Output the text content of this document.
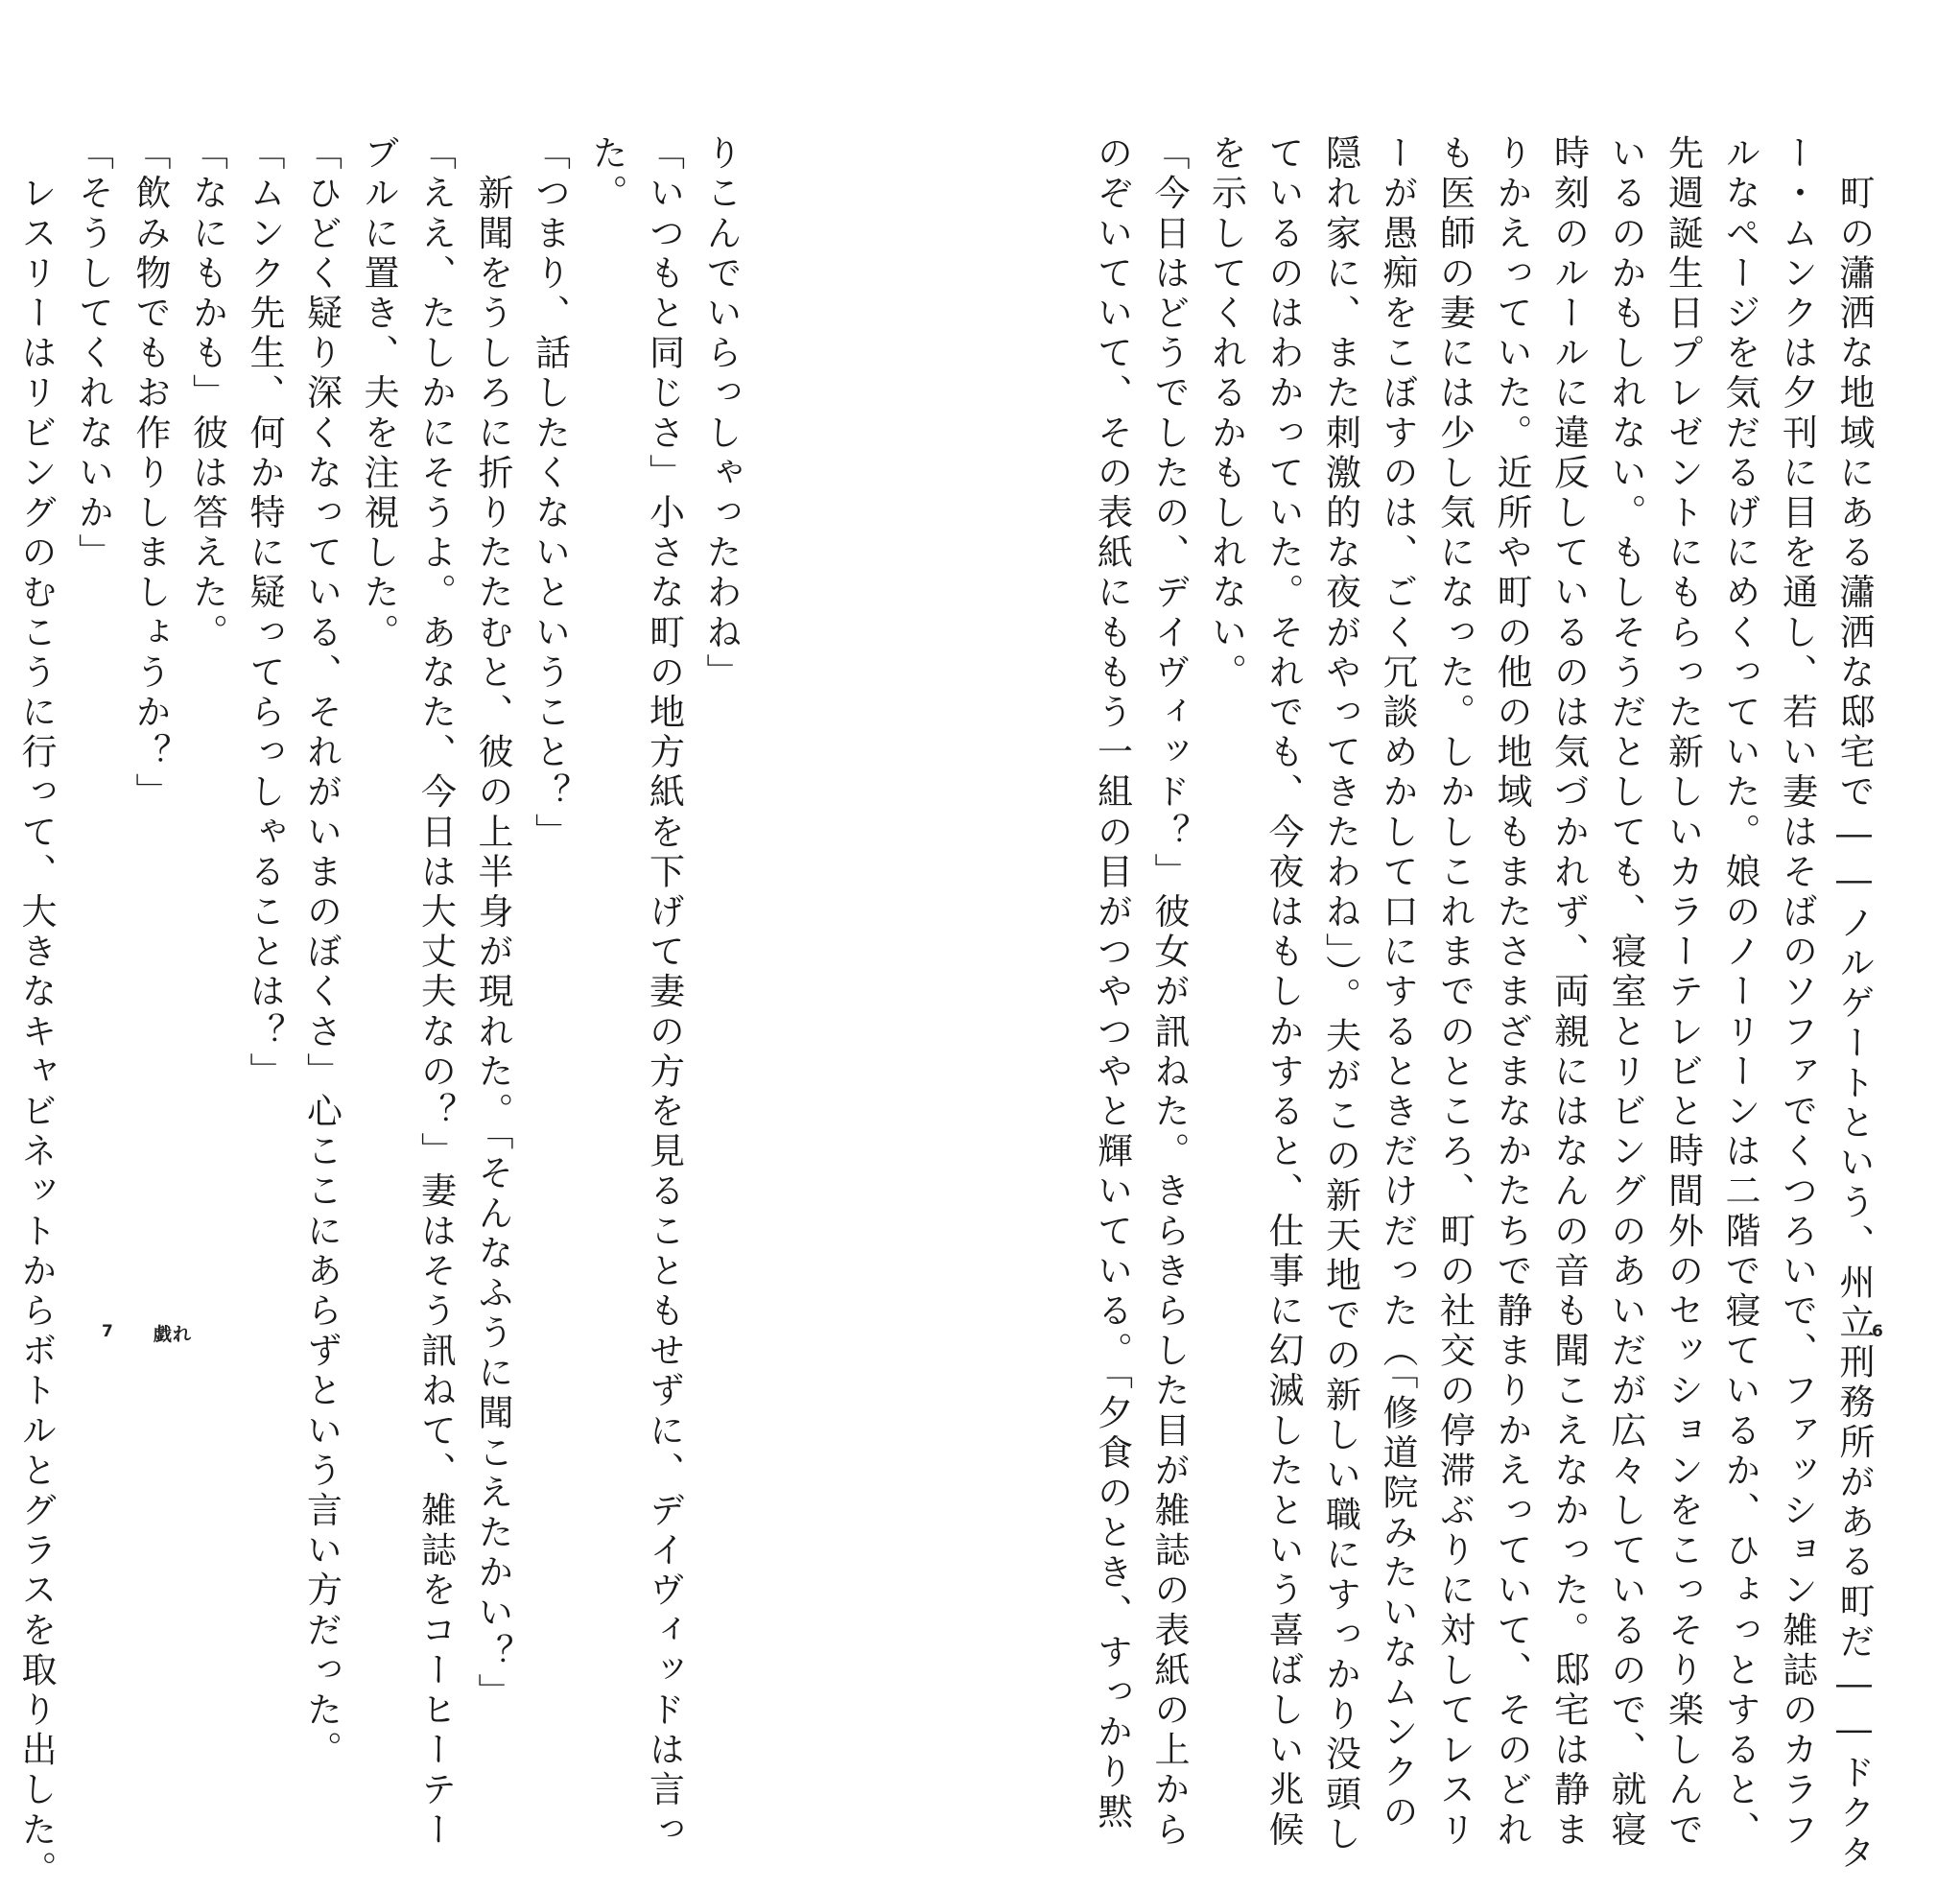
りこんでいらっしゃったわね」
「いつもと同じさ」小さな町の地方紙を下げて妻の方を見ることもせずに、デイヴィッドは言っ
た。
「つまり、話したくないということ？」
　新聞をうしろに折りたたむと、彼の上半身が現れた。「そんなふうに聞こえたかい？」
「ええ、たしかにそうよ。あなた、今日は大丈夫なの？」妻はそう訊ねて、雑誌をコーヒーテー
ブルに置き、夫を注視した。
「ひどく疑り深くなっている、それがいまのぼくさ」心ここにあらずという言い方だった。
「ムンク先生、何か特に疑ってらっしゃることは？」
「なにもかも」彼は答えた。
「飲み物でもお作りしましょうか？」
「そうしてくれないか」
　レスリーはリビングのむこうに行って、大きなキャビネットからボトルとグラスを取り出した。	7 戯れ	　町の瀟洒な地域にある瀟洒な邸宅で――ノルゲートという、州立刑務所がある町だ――ドクタ
ー・ムンクは夕刊に目を通し、若い妻はそばのソファでくつろいで、ファッション雑誌のカラフ
ルなページを気だるげにめくっていた。娘のノーリーンは二階で寝ているか、ひょっとすると、
先週誕生日プレゼントにもらった新しいカラーテレビと時間外のセッションをこっそり楽しんで
いるのかもしれない。もしそうだとしても、寝室とリビングのあいだが広々しているので、就寝
時刻のルールに違反しているのは気づかれず、両親にはなんの音も聞こえなかった。邸宅は静ま
りかえっていた。近所や町の他の地域もまたさまざまなかたちで静まりかえっていて、そのどれ
も医師の妻には少し気になった。しかしこれまでのところ、町の社交の停滞ぶりに対してレスリ
ーが愚痴をこぼすのは、ごく冗談めかして口にするときだけだった（「修道院みたいなムンクの
隠れ家に、また刺激的な夜がやってきたわね」）。夫がこの新天地での新しい職にすっかり没頭し
ているのはわかっていた。それでも、今夜はもしかすると、仕事に幻滅したという喜ばしい兆候
を示してくれるかもしれない。
「今日はどうでしたの、デイヴィッド？」彼女が訊ねた。きらきらした目が雑誌の表紙の上から
のぞいていて、その表紙にももう一組の目がつやつやと輝いている。「夕食のとき、すっかり黙	6
